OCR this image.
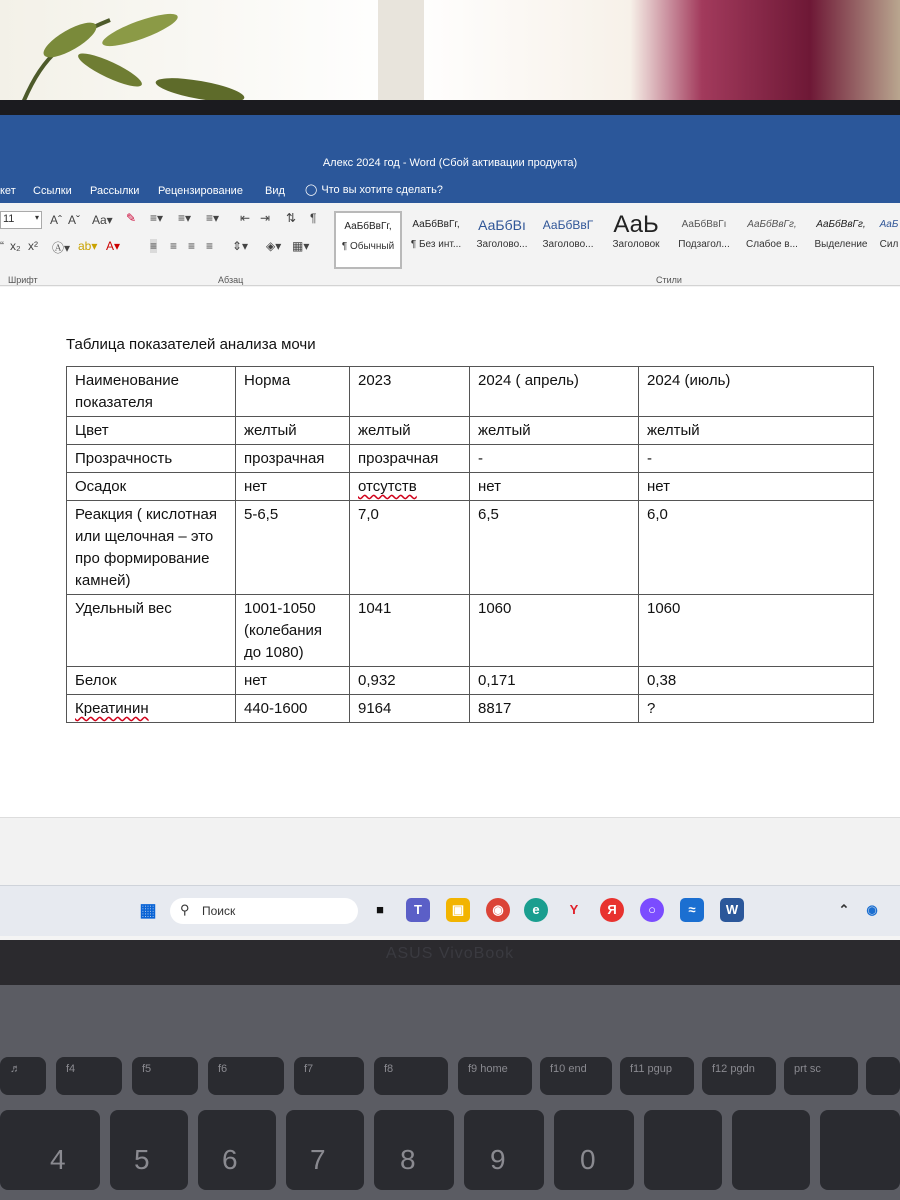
Алекс 2024 год - Word (Сбой активации продукта)
кет Ссылки Рассылки Рецензирование Вид ◯ Что вы хотите сделать?
11	▾ Aˆ Aˇ Aa▾ ✎ ≡▾ ≡▾ ≡▾ ⇤ ⇥ ⇅ ¶
“ x₂ x² Ⓐ▾ ab▾ A▾ ≡ ≡ ≡ ≡ ⇕▾ ◈▾ ▦▾
Шрифт	Абзац	Стили
АаБбВвГг,
¶ Обычный
АаБбВвГг,
¶ Без инт...
АаБбВı
Заголово...
АаБбВвГ
Заголово...
АаЬ
Заголовок
АаБбВвГı
Подзагол...
АаБбВвГг,
Слабое в...
АаБбВвГг,
Выделение
АаБ
Сил
Таблица показателей анализа мочи
Наименование показателя	Норма	2023	2024 ( апрель)	2024 (июль)
Цвет	желтый	желтый	желтый	желтый
Прозрачность	прозрачная	прозрачная	-	-
Осадок	нет	отсутств	нет	нет
Реакция ( кислотная или щелочная – это про формирование камней)	5-6,5	7,0	6,5	6,0
Удельный вес	1001-1050 (колебания до 1080)	1041	1060	1060
Белок	нет	0,932	0,171	0,38
Креатинин	440-1600	9164	8817	?
▦ ⚲ Поиск	■	T	▣	◉	e	Y	Я	○	≈	W	⌃	◉
ASUS VivoBook
♬	f4	f5	f6	f7	f8	f9 home	f10 end	f11 pgup	f12 pgdn	prt sc
4 5	6	7	8	9	0
